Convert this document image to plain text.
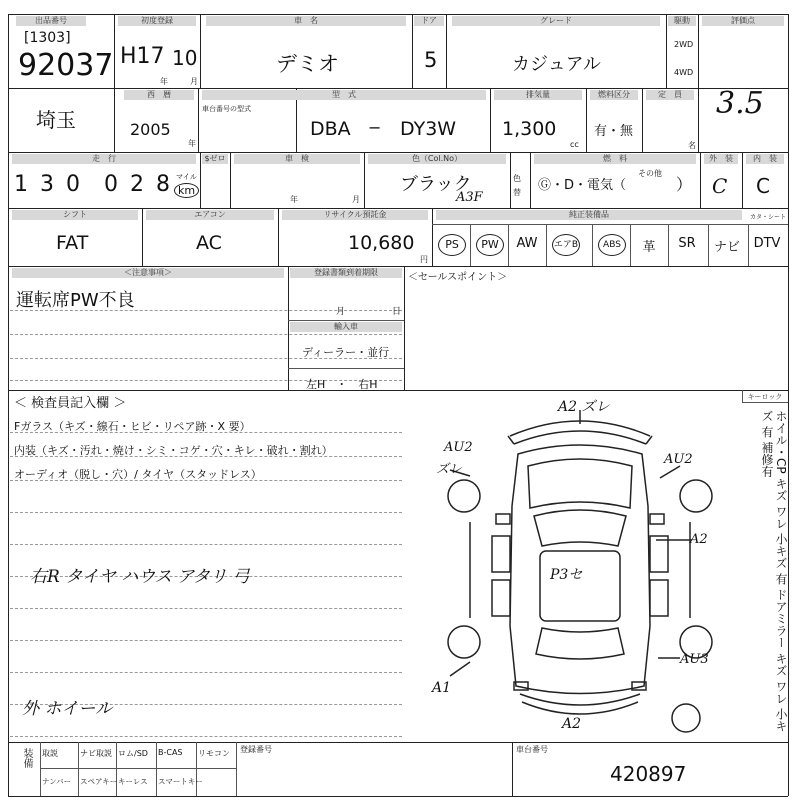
出品番号
[1303]
92037
初度登録
H17 10
年	月
車　名
デミオ
ドア
5
グレード
カジュアル
駆動
2WD
4WD
評価点
埼玉
西　暦
2005
年
型　式
車台番号の型式
DBA − DY3W
排気量
1,300
cc
燃料区分
有・無
定　員
名
3.5
走　行
1 3 0 0 2 8 マイル
km
$ゼロ	車　検
年	月
色（Col.No）
ブラック
A3F
色替
燃　料
Ⓖ・D・電気（
その他
）
外　装
C
内　装
C
シフト
FAT
エアコン
AC
リサイクル預託金
10,680
円
純正装備品	カタ・シート
PS	PW	AW	エアB	ABS	革	SR	ナビ	DTV
＜注意事項＞
運転席PW不良
登録書類到着期限
月	日
輸入車
ディーラー・並行
左H　・　右H
＜セールスポイント＞
＜ 検査員記入欄 ＞
Fガラス（キズ・線石・ヒビ・リペア跡・X 要）
内装（キズ・汚れ・焼け・シミ・コゲ・穴・キレ・破れ・割れ）
オーディオ（脱し・穴）/ タイヤ（スタッドレス）
右R タイヤ ハウス アタリ 弓
外 ホイール
キーロック
A2 ズレ
AU2
ズレ
AU2
A2
P3セ
A1
AU3
A2	ホイル・CP キズ ワレ 小キズ 有 ドアミラー キズ ワレ 小キズ 有 補修有
装備 取説	ナビ取説 ロム/SD B-CAS リモコン
ナンバー スペアキー キーレス スマートキー
登録番号	車台番号
420897
